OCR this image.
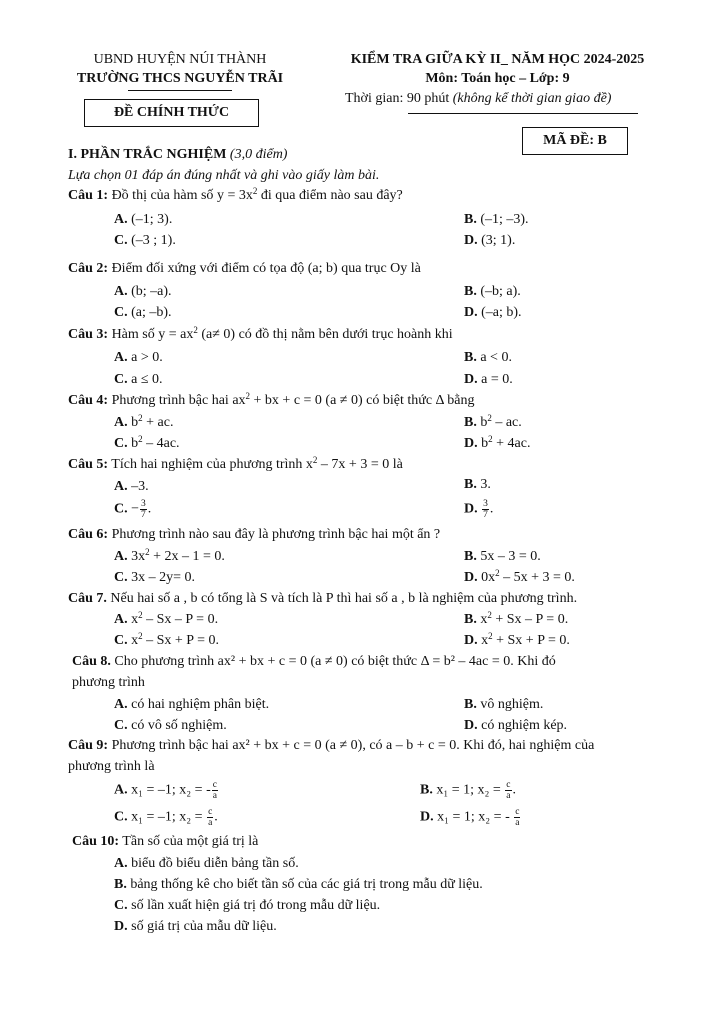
UBND HUYỆN NÚI THÀNH
TRƯỜNG THCS NGUYỄN TRÃI
ĐỀ CHÍNH THỨC
KIỂM TRA GIỮA KỲ II_ NĂM HỌC 2024-2025
Môn: Toán học – Lớp: 9
Thời gian: 90 phút (không kể thời gian giao đề)
MÃ ĐỀ: B
I. PHẦN TRẮC NGHIỆM (3,0 điểm)
Lựa chọn 01 đáp án đúng nhất và ghi vào giấy làm bài.
Câu 1: Đồ thị của hàm số $y = 3x^2$ đi qua điểm nào sau đây?
A. (–1; 3).	B. (–1; –3).
C. (–3 ; 1).	D. (3; 1).
Câu 2: Điểm đối xứng với điểm có tọa độ (a; b) qua trục Oy là
A. (b; –a).	B. (–b; a).
C. (a; –b).	D. (–a; b).
Câu 3: Hàm số $y = ax^2$ (a≠ 0) có đồ thị nằm bên dưới trục hoành khi
A. a > 0.	B. a < 0.
C. a ≤ 0.	D. a = 0.
Câu 4: Phương trình bậc hai $ax^2$ + bx + c = 0 (a ≠ 0) có biệt thức Δ bằng
A. $b^2$ + ac.	B. $b^2$ – ac.
C. $b^2 - 4ac$.	D. $b^2 + 4ac$.
Câu 5: Tích hai nghiệm của phương trình $x^2 - 7x + 3 = 0$ là
A. –3.	B. 3.
C. − $\frac{3}{7}$ .	D. $\frac{3}{7}$ .
Câu 6: Phương trình nào sau đây là phương trình bậc hai một ẩn ?
A. $3x^2 + 2x - 1 = 0$.	B. 5x – 3 = 0.
C. 3x – 2y= 0.	D. $0x^2 - 5x + 3 = 0$.
Câu 7. Nếu hai số a , b có tổng là S và tích là P thì hai số a , b là nghiệm của phương trình.
A. $x^2 - Sx - P = 0$.	B. $x^2 + Sx - P = 0$.
C. $x^2 - Sx + P = 0$.	D. $x^2 + Sx + P = 0$.
Câu 8. Cho phương trình ax² + bx + c = 0 (a ≠ 0) có biệt thức Δ = b² – 4ac = 0. Khi đó
phương trình
A. có hai nghiệm phân biệt.	B. vô nghiệm.
C. có vô số nghiệm.	D. có nghiệm kép.
Câu 9: Phương trình bậc hai ax² + bx + c = 0 (a ≠ 0), có a – b + c = 0. Khi đó, hai nghiệm của
phương trình là
A. x₁ = –1; x₂ = - $\frac{c}{a}$	B. x₁ = 1; $x_2 = \frac{c}{a}$ .
C. x₁ = –1; $x_2 = \frac{c}{a}$ .	D. x₁ = 1; x₂ = - $\frac{c}{a}$
Câu 10: Tần số của một giá trị là
A. biểu đồ biểu diễn bảng tần số.
B. bảng thống kê cho biết tần số của các giá trị trong mẫu dữ liệu.
C. số lần xuất hiện giá trị đó trong mẫu dữ liệu.
D. số giá trị của mẫu dữ liệu.
